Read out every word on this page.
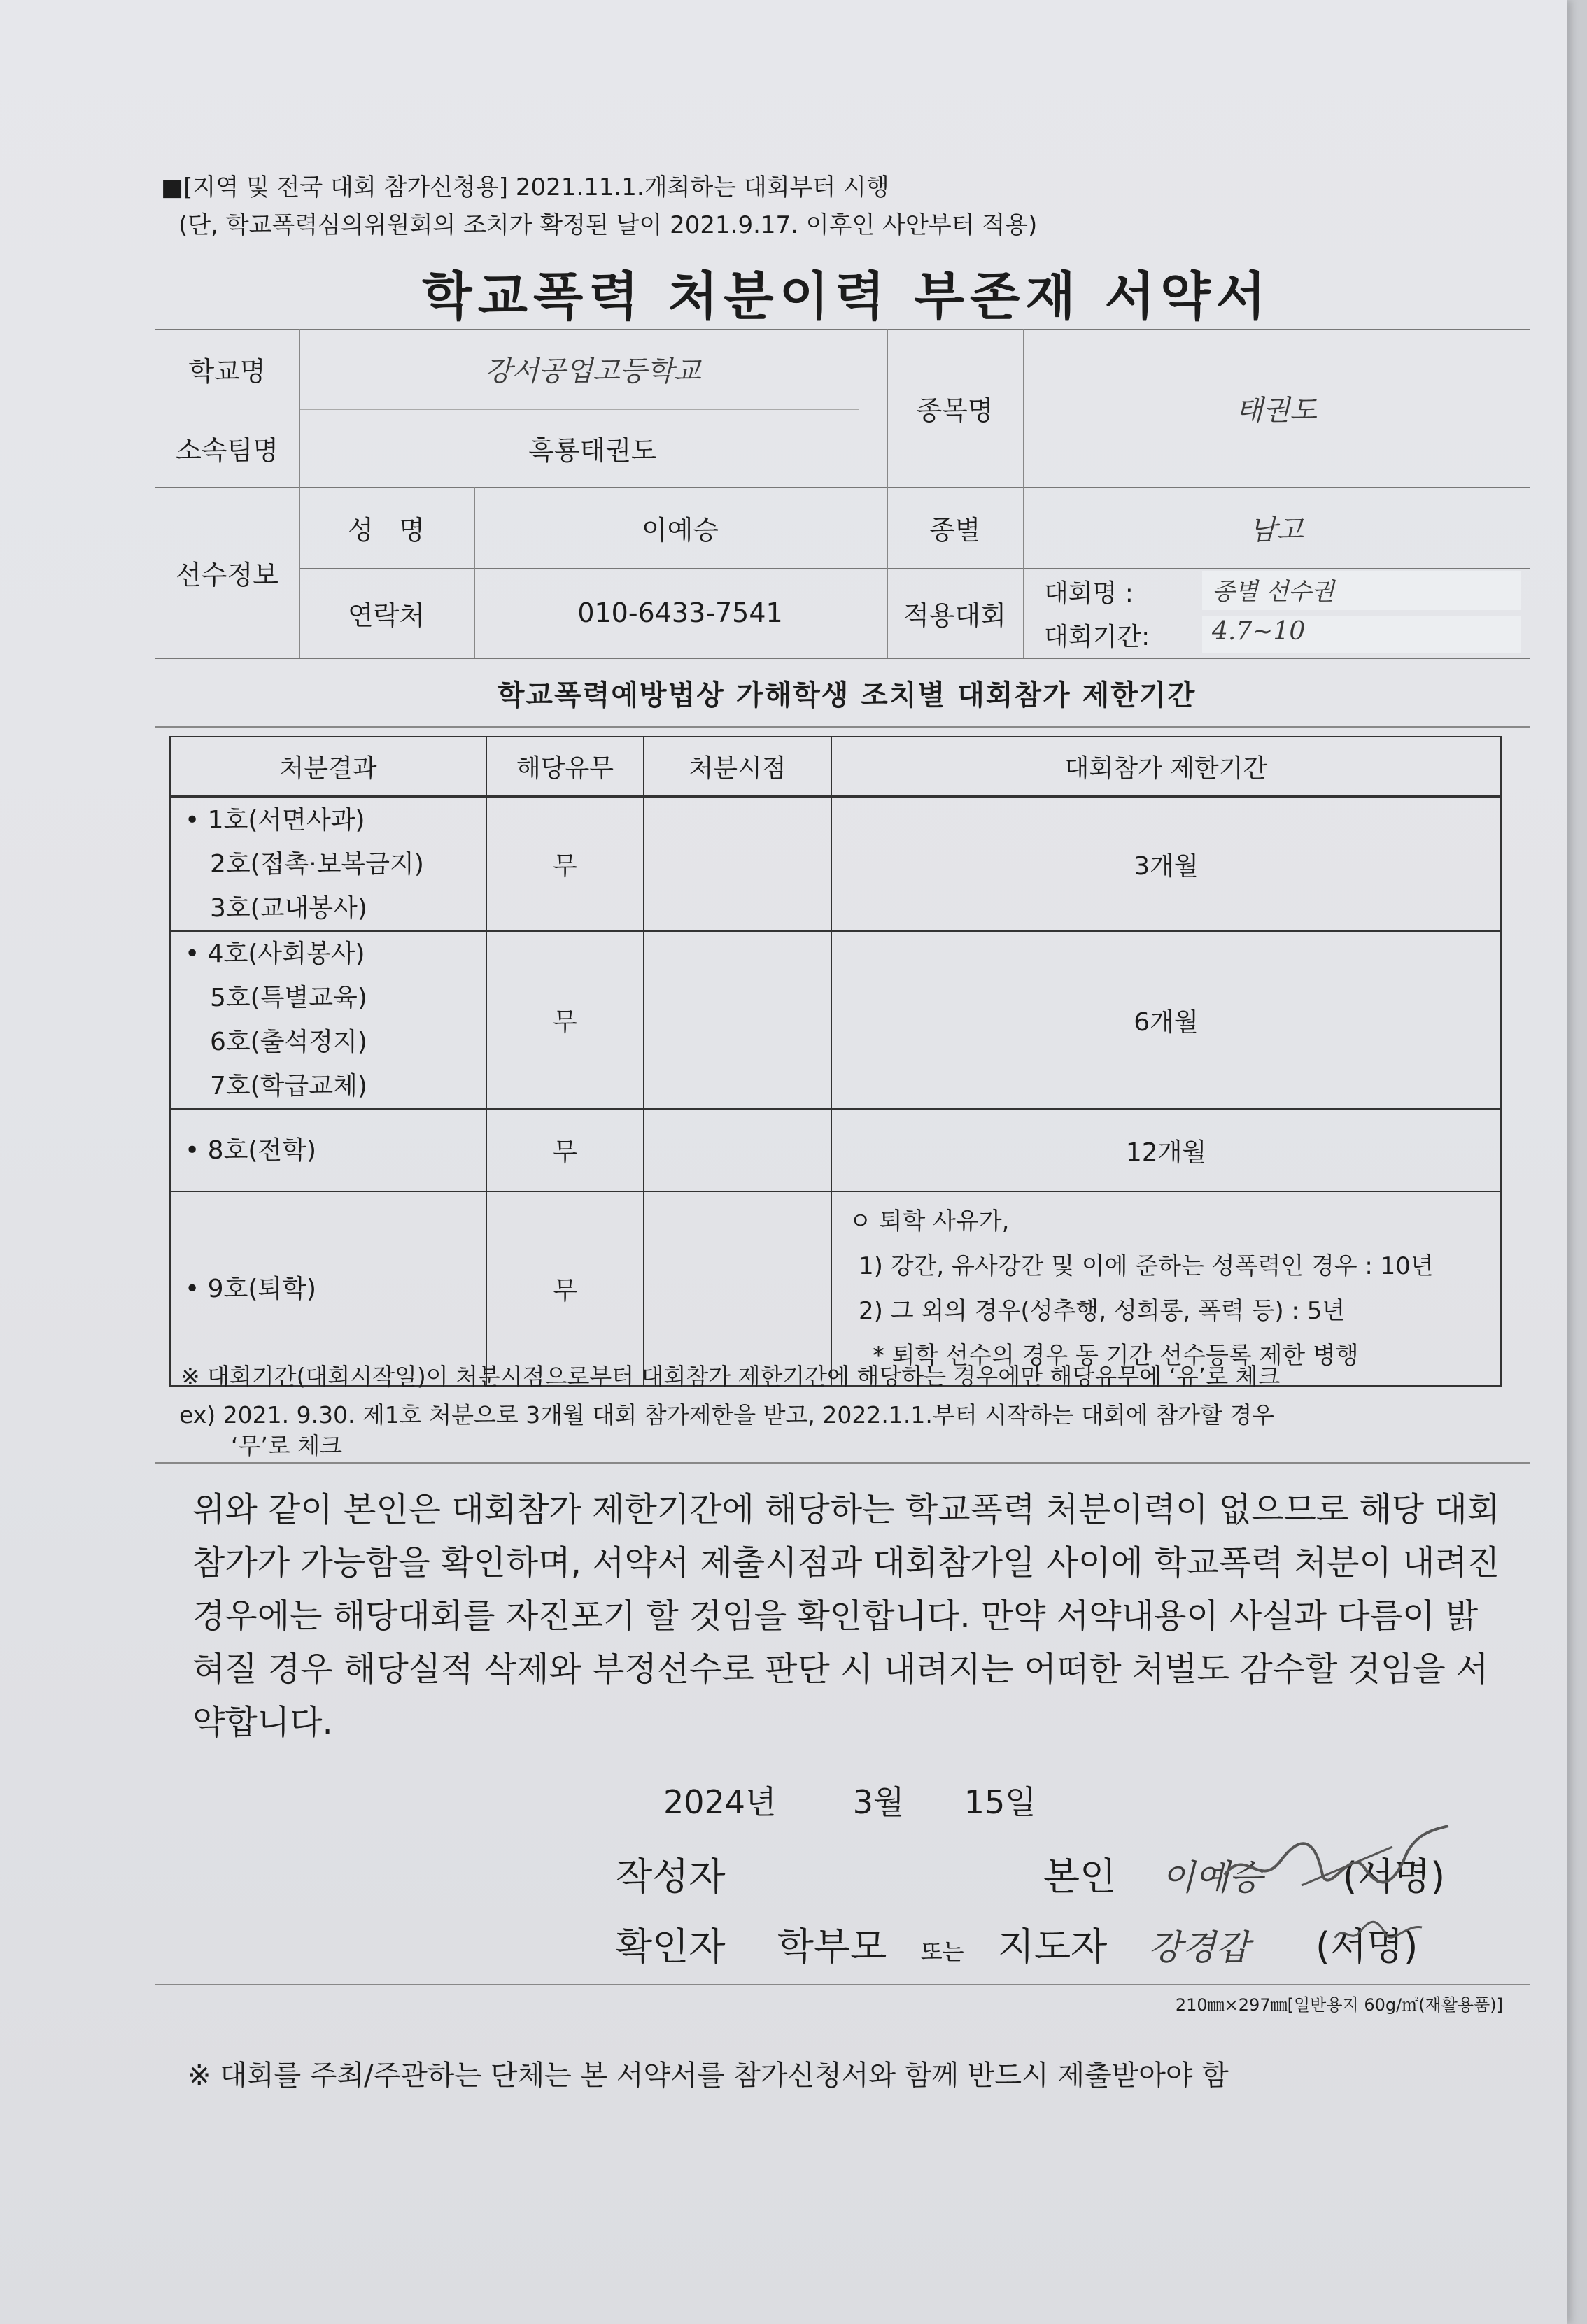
■[지역 및 전국 대회 참가신청용] 2021.11.1.개최하는 대회부터 시행
(단, 학교폭력심의위원회의 조치가 확정된 날이 2021.9.17. 이후인 사안부터 적용)
학교폭력 처분이력 부존재 서약서
학교명	강서공업고등학교
소속팀명	흑룡태권도
종목명	태권도
선수정보
성   명	이예승	종별	남고
연락처	010-6433-7541	적용대회
대회명 :	종별 선수권
대회기간: 4.7~10
학교폭력예방법상 가해학생 조치별 대회참가 제한기간
처분결과	해당유무	처분시점	대회참가 제한기간

• 1호(서면사과)
2호(접촉·보복금지)
3호(교내봉사)	무		3개월

• 4호(사회봉사)
5호(특별교육)
6호(출석정지)
7호(학급교체)	무		6개월

• 8호(전학)	무		12개월

• 9호(퇴학)	무		ㅇ 퇴학 사유가,
1) 강간, 유사강간 및 이에 준하는 성폭력인 경우 : 10년
2) 그 외의 경우(성추행, 성희롱, 폭력 등) : 5년
* 퇴학 선수의 경우 동 기간 선수등록 제한 병행
※ 대회기간(대회시작일)이 처분시점으로부터 대회참가 제한기간에 해당하는 경우에만 해당유무에 ‘유’로 체크
ex) 2021. 9.30. 제1호 처분으로 3개월 대회 참가제한을 받고, 2022.1.1.부터 시작하는 대회에 참가할 경우
‘무’로 체크
위와 같이 본인은 대회참가 제한기간에 해당하는 학교폭력 처분이력이 없으므로 해당 대회 참가가 가능함을 확인하며, 서약서 제출시점과 대회참가일 사이에 학교폭력 처분이 내려진 경우에는 해당대회를 자진포기 할 것임을 확인합니다. 만약 서약내용이 사실과 다름이 밝혀질 경우 해당실적 삭제와 부정선수로 판단 시 내려지는 어떠한 처벌도 감수할 것임을 서약합니다.
2024년 3월 15일
작성자	본인 이예승 (서명)
확인자 학부모 또는 지도자 강경갑 (서명)
210㎜×297㎜[일반용지 60g/㎡(재활용품)]
※ 대회를 주최/주관하는 단체는 본 서약서를 참가신청서와 함께 반드시 제출받아야 함
